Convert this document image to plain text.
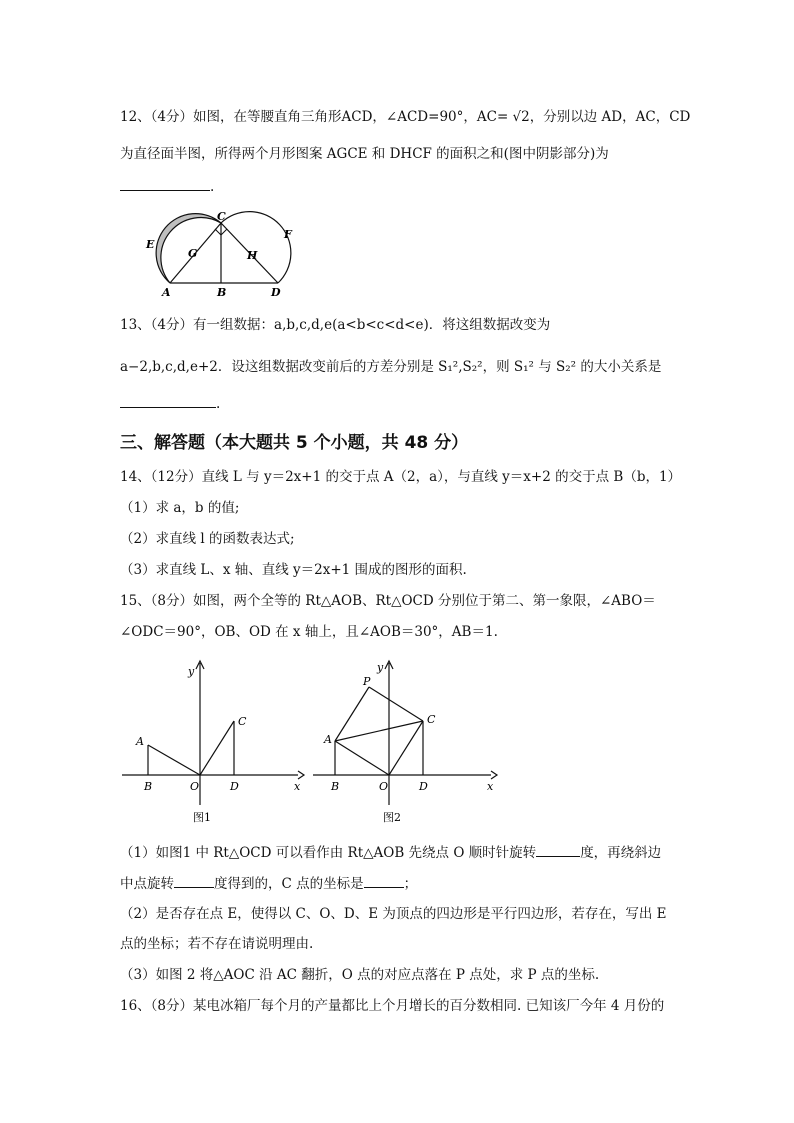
12、（4分）如图，在等腰直角三角形ACD，∠ACD=90°，AC= √2，分别以边 AD，AC，CD
为直径面半图，所得两个月形图案 AGCE 和 DHCF 的面积之和(图中阴影部分)为
.
C
E
F
G	H
A	B	D
13、（4分）有一组数据：a,b,c,d,e(a<b<c<d<e)．将这组数据改变为
a−2,b,c,d,e+2．设这组数据改变前后的方差分别是 S₁²,S₂²，则 S₁² 与 S₂² 的大小关系是
.
三、解答题（本大题共 5 个小题，共 48 分）
14、（12分）直线 L 与 y＝2x+1 的交于点 A（2，a），与直线 y＝x+2 的交于点 B（b，1）
（1）求 a，b 的值;
（2）求直线 l 的函数表达式;
（3）求直线 L、x 轴、直线 y＝2x+1 围成的图形的面积.
15、（8分）如图，两个全等的 Rt△AOB、Rt△OCD 分别位于第二、第一象限，∠ABO＝
∠ODC＝90°，OB、OD 在 x 轴上，且∠AOB＝30°，AB＝1.
y
A
C
B	O	D	x
图1
y
P
C
A
B	O	D	x
图2
（1）如图1 中 Rt△OCD 可以看作由 Rt△AOB 先绕点 O 顺时针旋转	度，再绕斜边
中点旋转	度得到的，C 点的坐标是	；
（2）是否存在点 E，使得以 C、O、D、E 为顶点的四边形是平行四边形，若存在，写出 E
点的坐标；若不存在请说明理由.
（3）如图 2 将△AOC 沿 AC 翻折，O 点的对应点落在 P 点处，求 P 点的坐标.
16、（8分）某电冰箱厂每个月的产量都比上个月增长的百分数相同. 已知该厂今年 4 月份的
